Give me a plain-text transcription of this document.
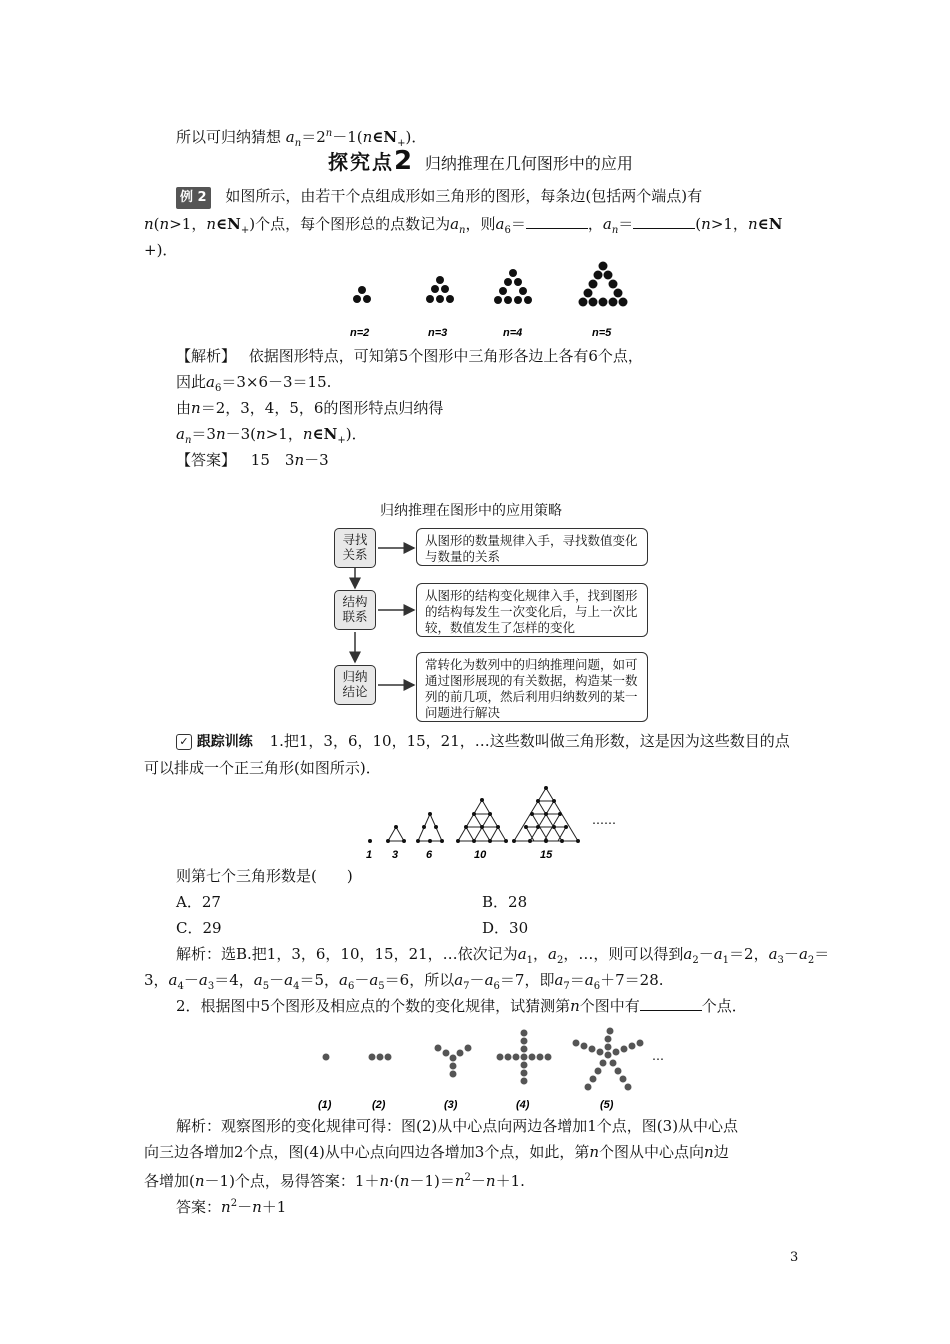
所以可归纳猜想 $a_n=2^n-1(n\in N_+)$．
探究点2 归纳推理在几何图形中的应用
例 2 如图所示，由若干个点组成形如三角形的图形，每条边(包括两个端点)有
n(n>1，$n\in N_+$)个点，每个图形总的点数记为$a_n$，则$a_6=$	，$a_n=$	(n>1，n∈N
+)．
n=2	n=3	n=4	n=5
【解析】 依据图形特点，可知第5个图形中三角形各边上各有6个点，
因此$a_6=3\times 6-3=15$.
由n＝2，3，4，5，6的图形特点归纳得
$a_n=3n-3(n>1$，$n\in N_+$)．
【答案】 15　3n－3
归纳推理在图形中的应用策略
寻找
关系
从图形的数量规律入手，寻找数值变化
与数量的关系
结构
联系
从图形的结构变化规律入手，找到图形
的结构每发生一次变化后，与上一次比
较，数值发生了怎样的变化
归纳
结论
常转化为数列中的归纳推理问题，如可
通过图形展现的有关数据，构造某一数
列的前几项，然后利用归纳数列的某一
问题进行解决
✓ 跟踪训练 1.把1，3，6，10，15，21，…这些数叫做三角形数，这是因为这些数目的点
可以排成一个正三角形(如图所示)．
……
1 3	6	10	15
则第七个三角形数是(　　)
A．27	B．28
C．29	D．30
解析：选B.把1，3，6，10，15，21，…依次记为$a_1$，$a_2$，…，则可以得到$a_2-a_1=2$，$a_3-a_2=$
3，$a_4-a_3=4$，$a_5-a_4=5$，$a_6-a_5=6$，所以$a_7-a_6=7$，即$a_7=a_6+7=28$.
2．根据图中5个图形及相应点的个数的变化规律，试猜测第n个图中有	个点．
…
(1)	(2)	(3)	(4)	(5)
解析：观察图形的变化规律可得：图(2)从中心点向两边各增加1个点，图(3)从中心点
向三边各增加2个点，图(4)从中心点向四边各增加3个点，如此，第n个图从中心点向n边
各增加(n－1)个点，易得答案：$1+n\cdot(n-1)=n^2-n+1$.
答案：$n^2-n+1$
3
